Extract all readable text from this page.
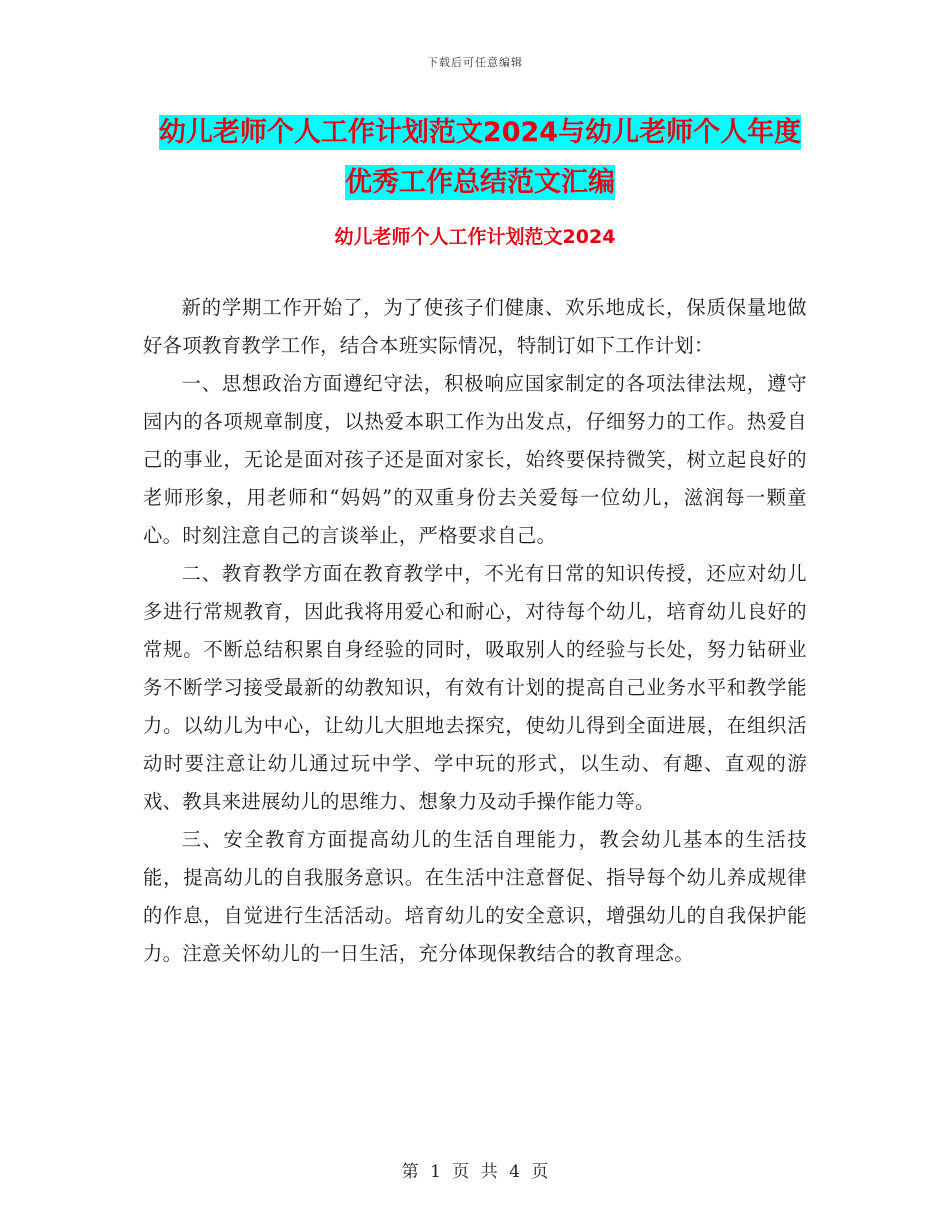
下载后可任意编辑
幼儿老师个人工作计划范文2024与幼儿老师个人年度
优秀工作总结范文汇编
幼儿老师个人工作计划范文2024

新的学期工作开始了，为了使孩子们健康、欢乐地成长，保质保量地做好各项教育教学工作，结合本班实际情况，特制订如下工作计划：

一、思想政治方面遵纪守法，积极响应国家制定的各项法律法规，遵守园内的各项规章制度，以热爱本职工作为出发点，仔细努力的工作。热爱自己的事业，无论是面对孩子还是面对家长，始终要保持微笑，树立起良好的老师形象，用老师和“妈妈”的双重身份去关爱每一位幼儿，滋润每一颗童心。时刻注意自己的言谈举止，严格要求自己。

二、教育教学方面在教育教学中，不光有日常的知识传授，还应对幼儿多进行常规教育，因此我将用爱心和耐心，对待每个幼儿，培育幼儿良好的常规。不断总结积累自身经验的同时，吸取别人的经验与长处，努力钻研业务不断学习接受最新的幼教知识，有效有计划的提高自己业务水平和教学能力。以幼儿为中心，让幼儿大胆地去探究，使幼儿得到全面进展，在组织活动时要注意让幼儿通过玩中学、学中玩的形式，以生动、有趣、直观的游戏、教具来进展幼儿的思维力、想象力及动手操作能力等。

三、安全教育方面提高幼儿的生活自理能力，教会幼儿基本的生活技能，提高幼儿的自我服务意识。在生活中注意督促、指导每个幼儿养成规律的作息，自觉进行生活活动。培育幼儿的安全意识，增强幼儿的自我保护能力。注意关怀幼儿的一日生活，充分体现保教结合的教育理念。

第 1 页 共 4 页
